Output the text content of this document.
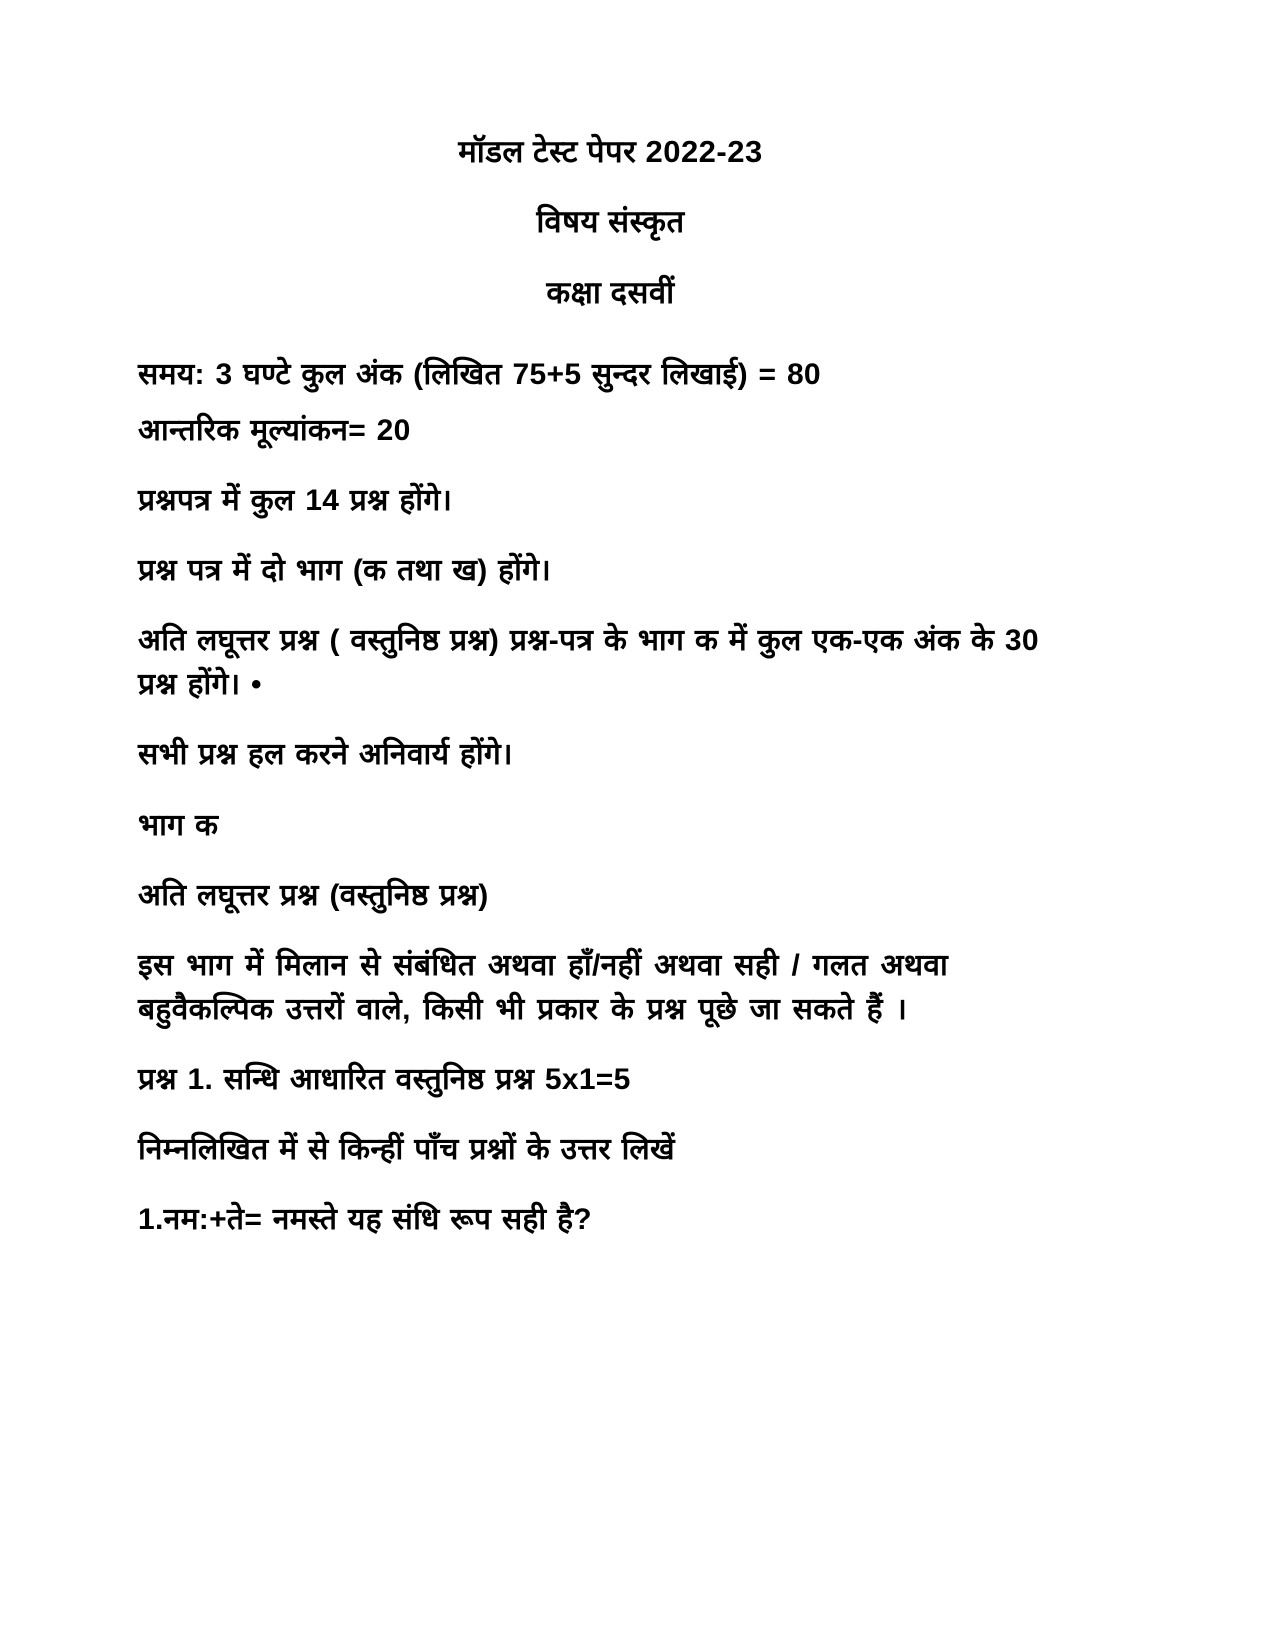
मॉडल टेस्ट पेपर 2022-23

विषय संस्कृत

कक्षा दसवीं

समय: 3 घण्टे कुल अंक (लिखित 75+5 सुन्दर लिखाई) = 80

आन्तरिक मूल्यांकन= 20

प्रश्नपत्र में कुल 14 प्रश्न होंगे।

प्रश्न पत्र में दो भाग (क तथा ख) होंगे।

अति लघूत्तर प्रश्न ( वस्तुनिष्ठ प्रश्न) प्रश्न-पत्र के भाग क में कुल एक-एक अंक के 30 प्रश्न होंगे। •

सभी प्रश्न हल करने अनिवार्य होंगे।

भाग क

अति लघूत्तर प्रश्न (वस्तुनिष्ठ प्रश्न)

इस भाग में मिलान से संबंधित अथवा हाँ/नहीं अथवा सही / गलत अथवा बहुवैकल्पिक उत्तरों वाले, किसी भी प्रकार के प्रश्न पूछे जा सकते हैं ।

प्रश्न 1. सन्धि आधारित वस्तुनिष्ठ प्रश्न 5x1=5

निम्नलिखित में से किन्हीं पाँच प्रश्नों के उत्तर लिखें

1.नम:+ते= नमस्ते यह संधि रूप सही है?
